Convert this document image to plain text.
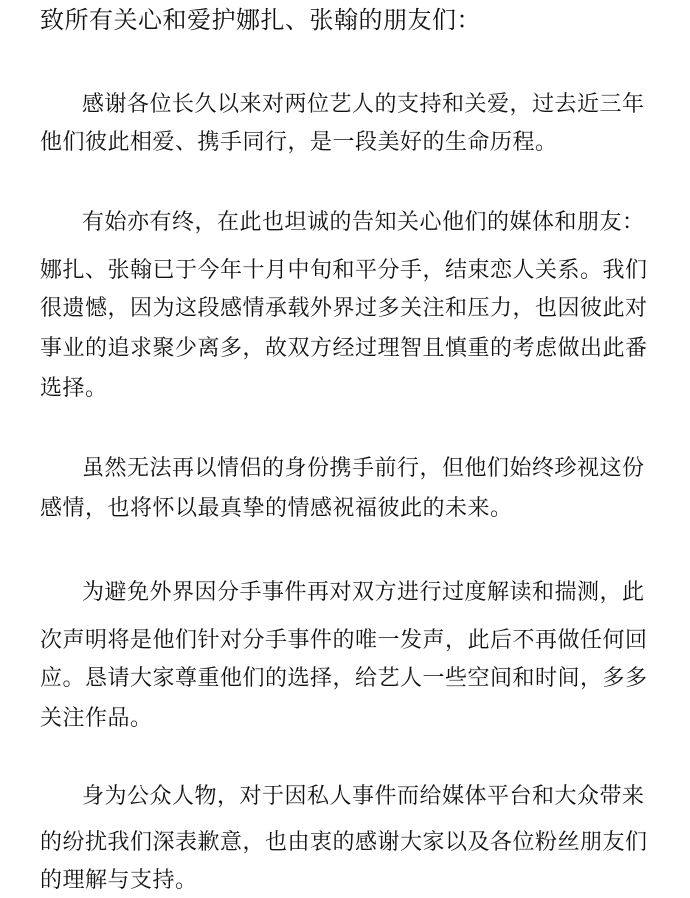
致所有关心和爱护娜扎、张翰的朋友们：
感谢各位长久以来对两位艺人的支持和关爱，过去近三年
他们彼此相爱、携手同行，是一段美好的生命历程。
有始亦有终，在此也坦诚的告知关心他们的媒体和朋友：
娜扎、张翰已于今年十月中旬和平分手，结束恋人关系。我们
很遗憾，因为这段感情承载外界过多关注和压力，也因彼此对
事业的追求聚少离多，故双方经过理智且慎重的考虑做出此番
选择。
虽然无法再以情侣的身份携手前行，但他们始终珍视这份
感情，也将怀以最真挚的情感祝福彼此的未来。
为避免外界因分手事件再对双方进行过度解读和揣测，此
次声明将是他们针对分手事件的唯一发声，此后不再做任何回
应。恳请大家尊重他们的选择，给艺人一些空间和时间，多多
关注作品。
身为公众人物，对于因私人事件而给媒体平台和大众带来
的纷扰我们深表歉意，也由衷的感谢大家以及各位粉丝朋友们
的理解与支持。
